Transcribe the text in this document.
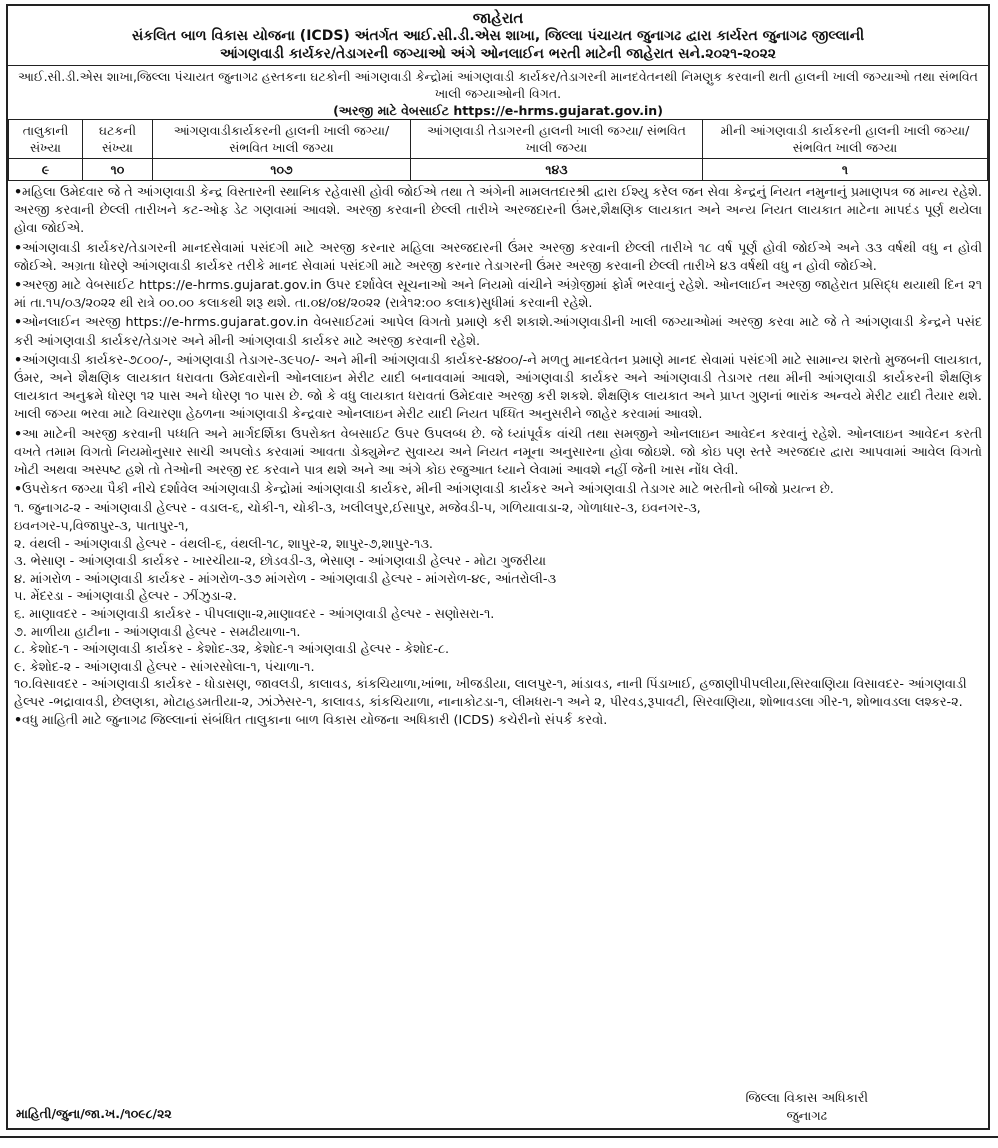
જાહેરાત
સંકલિત બાળ વિકાસ યોજના (ICDS) અંતર્ગત આઈ.સી.ડી.એસ શાખા, જિલ્લા પંચાયત જુનાગઢ દ્વારા કાર્યરત જુનાગઢ જીલ્લાની
આંગણવાડી કાર્યકર/તેડાગરની જગ્યાઓ અંગે ઓનલાઈન ભરતી માટેની જાહેરાત સને.૨૦૨૧-૨૦૨૨
આઈ.સી.ડી.એસ શાખા,જિલ્લા પંચાયત જુનાગઢ હસ્તકના ઘટકોની આંગણવાડી કેન્દ્રોમાં આંગણવાડી કાર્યકર/તેડાગરની માનદવેતનથી નિમણુક કરવાની થતી હાલની ખાલી જગ્યાઓ તથા સંભવિત ખાલી જગ્યાઓની વિગત.
(અરજી માટે વેબસાઈટ https://e-hrms.gujarat.gov.in)
તાલુકાની સંખ્યા	ઘટકની સંખ્યા	આંગણવાડીકાર્યકરની હાલની ખાલી જગ્યા/સંભવિત ખાલી જગ્યા	આંગણવાડી તેડાગરની હાલની ખાલી જગ્યા/ સંભવિત ખાલી જગ્યા	મીની આંગણવાડી કાર્યકરની હાલની ખાલી જગ્યા/સંભવિત ખાલી જગ્યા
૯	૧૦	૧૦૭	૧૪૩	૧
•મહિલા ઉમેદવાર જે તે આંગણવાડી કેન્દ્ર વિસ્તારની સ્થાનિક રહેવાસી હોવી જોઈએ તથા તે અંગેની મામલતદારશ્રી દ્વારા ઈશ્યુ કરેલ જન સેવા કેન્દ્રનું નિયત નમુનાનું પ્રમાણપત્ર જ માન્ય રહેશે. અરજી કરવાની છેલ્લી તારીખને કટ-ઓફ ડેટ ગણવામાં આવશે. અરજી કરવાની છેલ્લી તારીખે અરજદારની ઉંમર,શૈક્ષણિક લાયકાત અને અન્ય નિયત લાયકાત માટેના માપદંડ પૂર્ણ થયેલા હોવા જોઈએ.
•આંગણવાડી કાર્યકર/તેડાગરની માનદસેવામાં પસંદગી માટે અરજી કરનાર મહિલા અરજદારની ઉંમર અરજી કરવાની છેલ્લી તારીખે ૧૮ વર્ષ પૂર્ણ હોવી જોઈએ અને ૩૩ વર્ષથી વધુ ન હોવી જોઈએ. અગ્રતા ધોરણે આંગણવાડી કાર્યકર તરીકે માનદ સેવામાં પસંદગી માટે અરજી કરનાર તેડાગરની ઉંમર અરજી કરવાની છેલ્લી તારીખે ૪૩ વર્ષથી વધુ ન હોવી જોઈએ.
•અરજી માટે વેબસાઈટ https://e-hrms.gujarat.gov.in ઉપર દર્શાવેલ સૂચનાઓ અને નિયમો વાંચીને અંગ્રેજીમાં ફોર્મ ભરવાનું રહેશે. ઓનલાઈન અરજી જાહેરાત પ્રસિદ્ધ થયાથી દિન ૨૧ માં તા.૧૫/૦૩/૨૦૨૨ થી રાત્રે ૦૦.૦૦ કલાકથી શરૂ થશે. તા.૦૪/૦૪/૨૦૨૨ (રાત્રે૧૨:૦૦ કલાક)સુધીમાં કરવાની રહેશે.
•ઓનલાઈન અરજી https://e-hrms.gujarat.gov.in વેબસાઈટમાં આપેલ વિગતો પ્રમાણે કરી શકાશે.આંગણવાડીની ખાલી જગ્યાઓમાં અરજી કરવા માટે જે તે આંગણવાડી કેન્દ્રને પસંદ કરી આંગણવાડી કાર્યકર/તેડાગર અને મીની આંગણવાડી કાર્યકર માટે અરજી કરવાની રહેશે.
•આંગણવાડી કાર્યકર-૭૮૦૦/-, આંગણવાડી તેડાગર-૩૯૫૦/- અને મીની આંગણવાડી કાર્યકર-૪૪૦૦/-ને મળતુ માનદવેતન પ્રમાણે માનદ સેવામાં પસંદગી માટે સામાન્ય શરતો મુજબની લાયકાત, ઉંમર, અને શૈક્ષણિક લાયકાત ધરાવતા ઉમેદવારોની ઓનલાઇન મેરીટ યાદી બનાવવામાં આવશે, આંગણવાડી કાર્યકર અને આંગણવાડી તેડાગર તથા મીની આંગણવાડી કાર્યકરની શૈક્ષણિક લાયકાત અનુક્રમે ધોરણ ૧૨ પાસ અને ધોરણ ૧૦ પાસ છે. જો કે વધુ લાયકાત ધરાવતાં ઉમેદવાર અરજી કરી શકશે. શૈક્ષણિક લાયકાત અને પ્રાપ્ત ગુણનાં ભારાંક અન્વયે મેરીટ યાદી તૈયાર થશે. ખાલી જગ્યા ભરવા માટે વિચારણા હેઠળના આંગણવાડી કેન્દ્રવાર ઓનલાઇન મેરીટ યાદી નિયત પધ્ધિત અનુસરીને જાહેર કરવામાં આવશે.
•આ માટેની અરજી કરવાની પધ્ધતિ અને માર્ગદર્શિકા ઉપરોક્ત વેબસાઈટ ઉપર ઉપલબ્ધ છે. જે ધ્યાંપૂર્વક વાંચી તથા સમજીને ઓનલાઇન આવેદન કરવાનું રહેશે. ઓનલાઇન આવેદન કરતી વખતે તમામ વિગતો નિયમોનુસાર સાચી અપલોડ કરવામાં આવતા ડોક્યુમેન્ટ સુવાચ્ય અને નિયત નમૂના અનુસારના હોવા જોઇશે. જો કોઇ પણ સ્તરે અરજદાર દ્વારા આપવામાં આવેલ વિગતો ખોટી અથવા અસ્પષ્ટ હશે તો તેઓની અરજી રદ કરવાને પાત્ર થશે અને આ અંગે કોઇ રજુઆત ધ્યાને લેવામાં આવશે નહીં જેની ખાસ નોંધ લેવી.
•ઉપરોકત જગ્યા પૈકી નીચે દર્શાવેલ આંગણવાડી કેન્દ્રોમાં આંગણવાડી કાર્યકર, મીની આંગણવાડી કાર્યકર અને આંગણવાડી તેડાગર માટે ભરતીનો બીજો પ્રયત્ન છે.
૧. જુનાગઢ-૨ - આંગણવાડી હેલ્પર - વડાલ-૬, ચોકી-૧, ચોકી-૩, ખલીલપુર,ઈસાપુર, મજેવડી-૫, ગળિયાવાડા-૨, ગોળાધાર-૩, ઇવનગર-૩,
ઇવનગર-૫,વિજાપુર-૩, પાતાપુર-૧,
૨. વંથલી - આંગણવાડી હેલ્પર - વંથલી-૬, વંથલી-૧૮, શાપુર-૨, શાપુર-૭,શાપુર-૧૩.
૩. ભેસાણ - આંગણવાડી કાર્યકર - ખારચીયા-૨, છોડવડી-૩, ભેસાણ - આંગણવાડી હેલ્પર - મોટા ગુજરીયા
૪. માંગરોળ - આંગણવાડી કાર્યકર - માંગરોળ-૩૭ માંગરોળ - આંગણવાડી હેલ્પર - માંગરોળ-૪૯, આંતરોલી-૩
૫. મેંદરડા - આંગણવાડી હેલ્પર - ઝીંઝુડા-૨.
૬. માણાવદર - આંગણવાડી કાર્યકર - પીપલાણા-૨,માણાવદર - આંગણવાડી હેલ્પર - સણોસરા-૧.
૭. માળીયા હાટીના - આંગણવાડી હેલ્પર - સમઢીયાળા-૧.
૮. કેશોદ-૧ - આંગણવાડી કાર્યકર - કેશોદ-૩૨, કેશોદ-૧ આંગણવાડી હેલ્પર - કેશોદ-૮.
૯. કેશોદ-૨ - આંગણવાડી હેલ્પર - સાંગરસોલા-૧, પંચાળા-૧.
૧૦.વિસાવદર - આંગણવાડી કાર્યકર - ધોડાસણ, જાવલડી, કાલાવડ, કાંકચિયાળા,ખાંભા, ખીજડીયા, લાલપુર-૧, માંડાવડ, નાની પિંડાખાઈ, હજાણીપીપલીયા,સિરવાણિયા વિસાવદર- આંગણવાડી હેલ્પર -ભદ્રાવાવડી, છેલણકા, મોટાહડમતીયા-૨, ઝાંઝેસર-૧, કાલાવડ, કાંકચિયાળા, નાનાકોટડા-૧, લીમધરા-૧ અને ૨, પીરવડ,રૂપાવટી, સિરવાણિયા, શોભાવડલા ગીર-૧, શોભાવડલા લશ્કર-૨.
•વધુ માહિતી માટે જુનાગઢ જિલ્લાનાં સંબંધિત તાલુકાના બાળ વિકાસ યોજના અધિકારી (ICDS) કચેરીનો સંપર્ક કરવો.
જિલ્લા વિકાસ અધિકારી
જુનાગઢ
માહિતી/જુના/જા.ખ./૧૦૯૮/૨૨
